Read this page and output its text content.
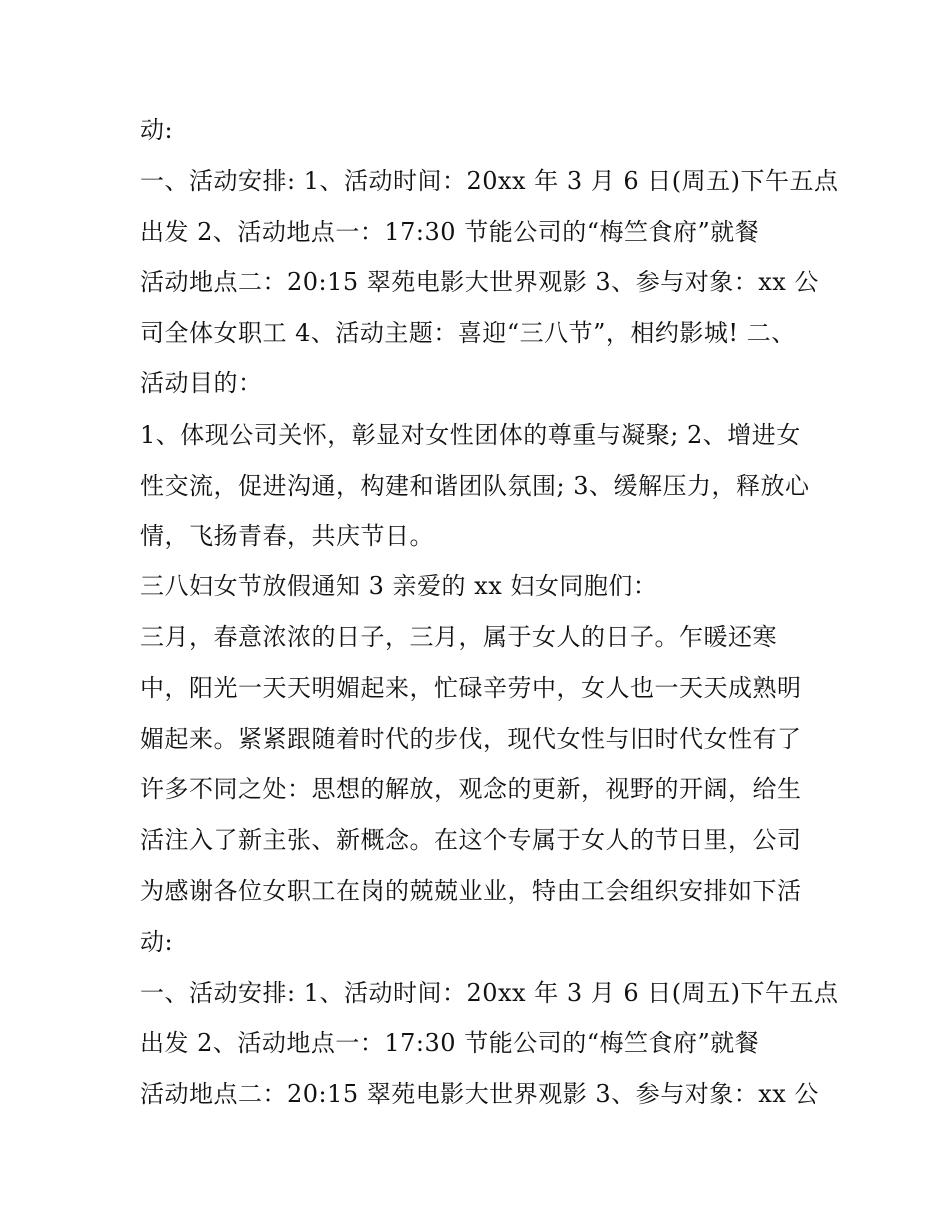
动:
一、活动安排: 1、活动时间：20xx 年 3 月 6 日(周五)下午五点
出发 2、活动地点一：17:30 节能公司的“梅竺食府”就餐
活动地点二：20:15 翠苑电影大世界观影 3、参与对象：xx 公
司全体女职工 4、活动主题：喜迎“三八节”，相约影城! 二、
活动目的：
1、体现公司关怀，彰显对女性团体的尊重与凝聚; 2、增进女
性交流，促进沟通，构建和谐团队氛围; 3、缓解压力，释放心
情，飞扬青春，共庆节日。
三八妇女节放假通知 3 亲爱的 xx 妇女同胞们：
三月，春意浓浓的日子，三月，属于女人的日子。乍暖还寒
中，阳光一天天明媚起来，忙碌辛劳中，女人也一天天成熟明
媚起来。紧紧跟随着时代的步伐，现代女性与旧时代女性有了
许多不同之处：思想的解放，观念的更新，视野的开阔，给生
活注入了新主张、新概念。在这个专属于女人的节日里，公司
为感谢各位女职工在岗的兢兢业业，特由工会组织安排如下活
动:
一、活动安排: 1、活动时间：20xx 年 3 月 6 日(周五)下午五点
出发 2、活动地点一：17:30 节能公司的“梅竺食府”就餐
活动地点二：20:15 翠苑电影大世界观影 3、参与对象：xx 公
